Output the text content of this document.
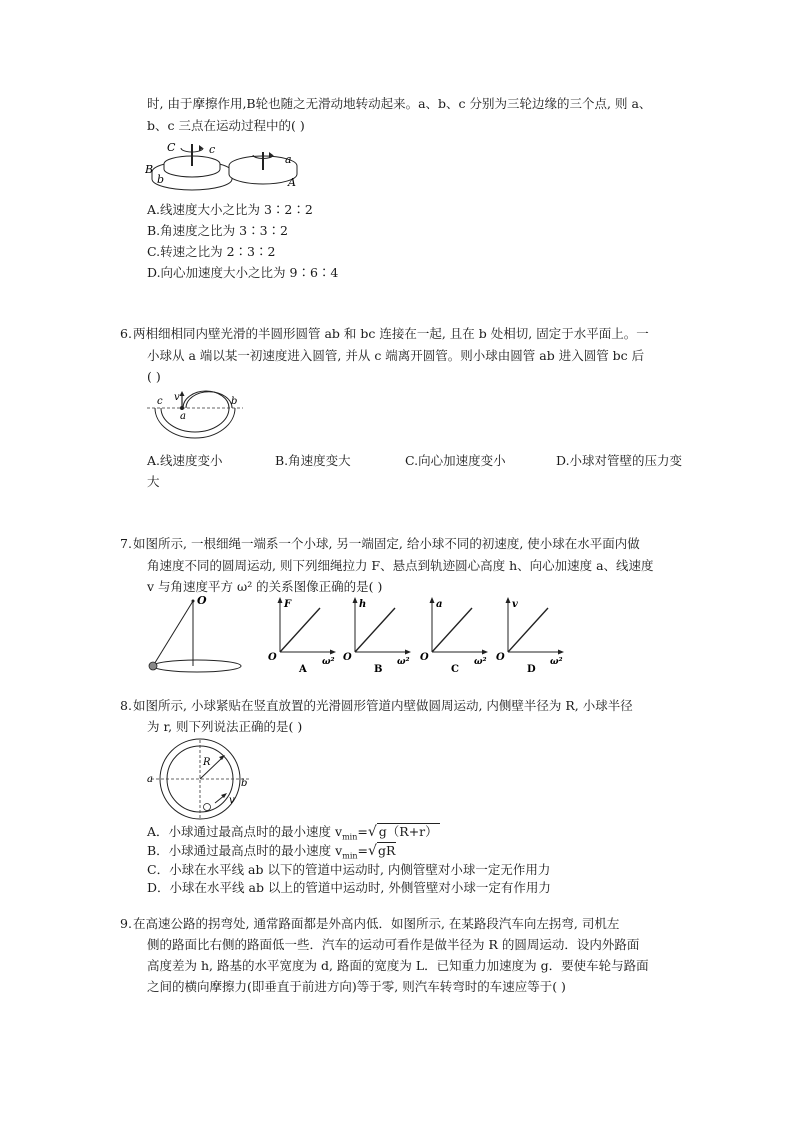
时, 由于摩擦作用,B轮也随之无滑动地转动起来。a、b、c 分别为三轮边缘的三个点, 则 a、
b、c 三点在运动过程中的( )
C	c
a
A
B
b
A.线速度大小之比为 3∶2∶2
B.角速度之比为 3∶3∶2
C.转速之比为 2∶3∶2
D.向心加速度大小之比为 9∶6∶4
6. 两相细相同内壁光滑的半圆形圆管 ab 和 bc 连接在一起, 且在 b 处相切, 固定于水平面上。一
小球从 a 端以某一初速度进入圆管, 并从 c 端离开圆管。则小球由圆管 ab 进入圆管 bc 后
( )
c v
a
b
A.线速度变小	B.角速度变大	C.向心加速度变小	D.小球对管壁的压力变
大
7. 如图所示, 一根细绳一端系一个小球, 另一端固定, 给小球不同的初速度, 使小球在水平面内做
角速度不同的圆周运动, 则下列细绳拉力 F、悬点到轨迹圆心高度 h、向心加速度 a、线速度
v 与角速度平方 ω² 的关系图像正确的是( )
O	F
O	ω²
A
h
O	ω²
B
a
O	ω²
C
v
O	ω²
D
8. 如图所示, 小球紧贴在竖直放置的光滑圆形管道内壁做圆周运动, 内侧壁半径为 R, 小球半径
为 r, 则下列说法正确的是( )
R
a	b
v
A．小球通过最高点时的最小速度 $v_{min}=√$ g（R+r）
B．小球通过最高点时的最小速度 $v_{min}=√gR$
C．小球在水平线 ab 以下的管道中运动时, 内侧管壁对小球一定无作用力
D．小球在水平线 ab 以上的管道中运动时, 外侧管壁对小球一定有作用力
9. 在高速公路的拐弯处, 通常路面都是外高内低．如图所示, 在某路段汽车向左拐弯, 司机左
侧的路面比右侧的路面低一些．汽车的运动可看作是做半径为 R 的圆周运动．设内外路面
高度差为 h, 路基的水平宽度为 d, 路面的宽度为 L．已知重力加速度为 g．要使车轮与路面
之间的横向摩擦力(即垂直于前进方向)等于零, 则汽车转弯时的车速应等于( )
